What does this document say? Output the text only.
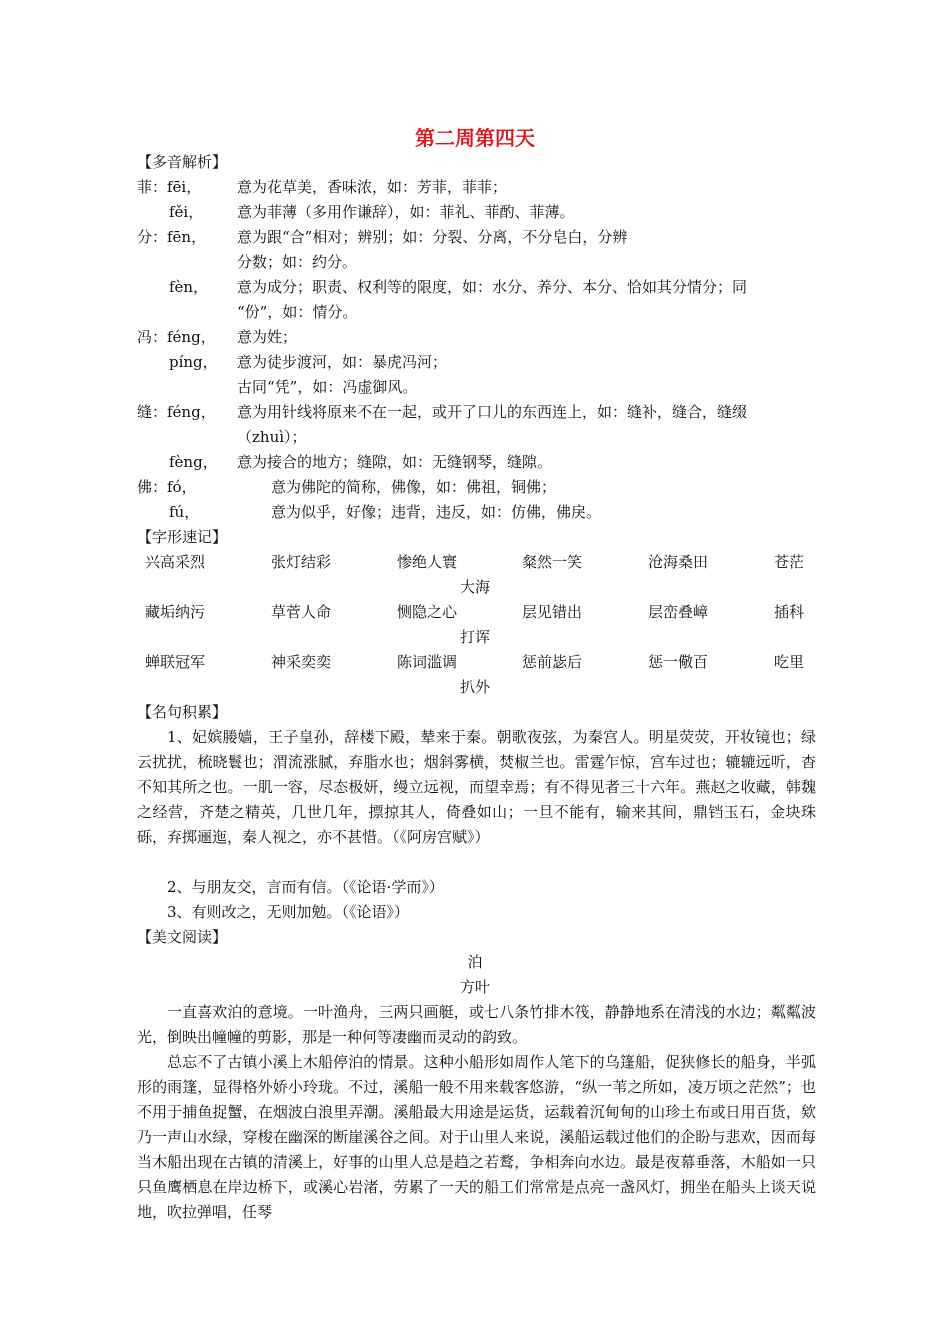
第二周第四天
【多音解析】
菲：fēi， 意为花草美，香味浓，如：芳菲，菲菲；
fěi， 意为菲薄（多用作谦辞），如：菲礼、菲酌、菲薄。
分：fēn， 意为跟“合”相对；辨别；如：分裂、分离，不分皂白，分辨
分数；如：约分。
fèn， 意为成分；职责、权利等的限度，如：水分、养分、本分、恰如其分情分；同
“份”，如：情分。
冯：féng， 意为姓；
píng， 意为徒步渡河，如：暴虎冯河；
古同“凭”，如：冯虚御风。
缝：féng， 意为用针线将原来不在一起，或开了口儿的东西连上，如：缝补，缝合，缝缀
（zhuì）；
fèng， 意为接合的地方；缝隙，如：无缝钢琴，缝隙。
佛：fó，	意为佛陀的简称，佛像，如：佛祖，铜佛；
fú，	意为似乎，好像；违背，违反，如：仿佛，佛戾。
【字形速记】
兴高采烈	张灯结彩	惨绝人寰	粲然一笑	沧海桑田	苍茫
大海
藏垢纳污	草菅人命	恻隐之心	层见错出	层峦叠嶂	插科
打诨
蝉联冠军	神采奕奕	陈词滥调	惩前毖后	惩一儆百	吃里
扒外
【名句积累】

1、妃嫔媵嫱，王子皇孙，辞楼下殿，辇来于秦。朝歌夜弦，为秦宫人。明星荧荧，开妆镜也；绿云扰扰，梳晓鬟也；渭流涨腻，弃脂水也；烟斜雾横，焚椒兰也。雷霆乍惊，宫车过也；辘辘远听，杳不知其所之也。一肌一容，尽态极妍，缦立远视，而望幸焉；有不得见者三十六年。燕赵之收藏，韩魏之经营，齐楚之精英，几世几年，摽掠其人，倚叠如山；一旦不能有，输来其间，鼎铛玉石，金块珠砾，弃掷逦迤，秦人视之，亦不甚惜。（《阿房宫赋》）

2、与朋友交，言而有信。（《论语·学而》）

3、有则改之，无则加勉。（《论语》）

【美文阅读】
泊
方叶

一直喜欢泊的意境。一叶渔舟，三两只画艇，或七八条竹排木筏，静静地系在清浅的水边；粼粼波光，倒映出幢幢的剪影，那是一种何等凄幽而灵动的韵致。

总忘不了古镇小溪上木船停泊的情景。这种小船形如周作人笔下的乌篷船，促狭修长的船身，半弧形的雨篷，显得格外娇小玲珑。不过，溪船一般不用来载客悠游，“纵一苇之所如，凌万顷之茫然”；也不用于捕鱼捉蟹，在烟波白浪里弄潮。溪船最大用途是运货，运载着沉甸甸的山珍土布或日用百货，欸乃一声山水绿，穿梭在幽深的断崖溪谷之间。对于山里人来说，溪船运载过他们的企盼与悲欢，因而每当木船出现在古镇的清溪上，好事的山里人总是趋之若鹜，争相奔向水边。最是夜幕垂落，木船如一只只鱼鹰栖息在岸边桥下，或溪心岩渚，劳累了一天的船工们常常是点亮一盏风灯，拥坐在船头上谈天说地，吹拉弹唱，任琴
